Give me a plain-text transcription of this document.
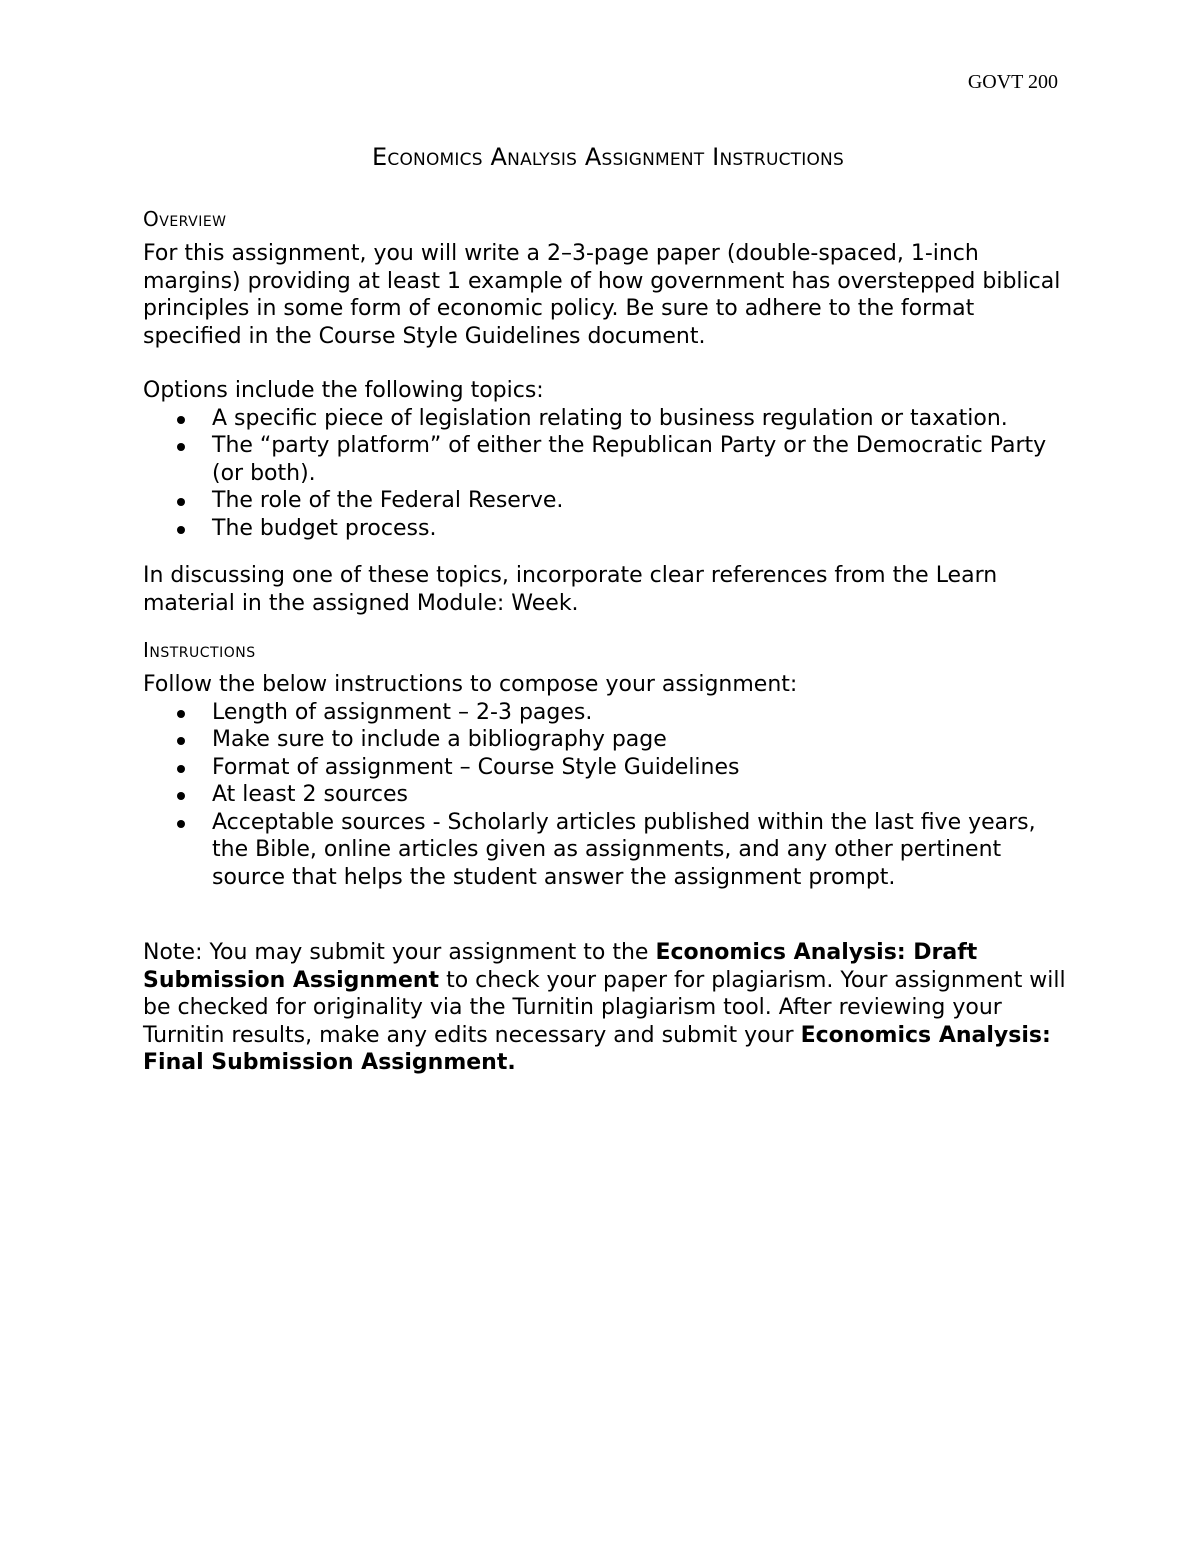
GOVT 200
Economics Analysis Assignment Instructions
Overview

For this assignment, you will write a 2–3-page paper (double-spaced, 1-inch margins) providing at least 1 example of how government has overstepped biblical principles in some form of economic policy. Be sure to adhere to the format specified in the Course Style Guidelines document.

Options include the following topics:

A specific piece of legislation relating to business regulation or taxation.
The “party platform” of either the Republican Party or the Democratic Party (or both).
The role of the Federal Reserve.
The budget process.

In discussing one of these topics, incorporate clear references from the Learn material in the assigned Module: Week.

Instructions

Follow the below instructions to compose your assignment:

Length of assignment – 2-3 pages.
Make sure to include a bibliography page
Format of assignment – Course Style Guidelines
At least 2 sources
Acceptable sources - Scholarly articles published within the last five years, the Bible, online articles given as assignments, and any other pertinent source that helps the student answer the assignment prompt.

Note: You may submit your assignment to the Economics Analysis: Draft Submission Assignment to check your paper for plagiarism. Your assignment will be checked for originality via the Turnitin plagiarism tool. After reviewing your Turnitin results, make any edits necessary and submit your Economics Analysis: Final Submission Assignment.
